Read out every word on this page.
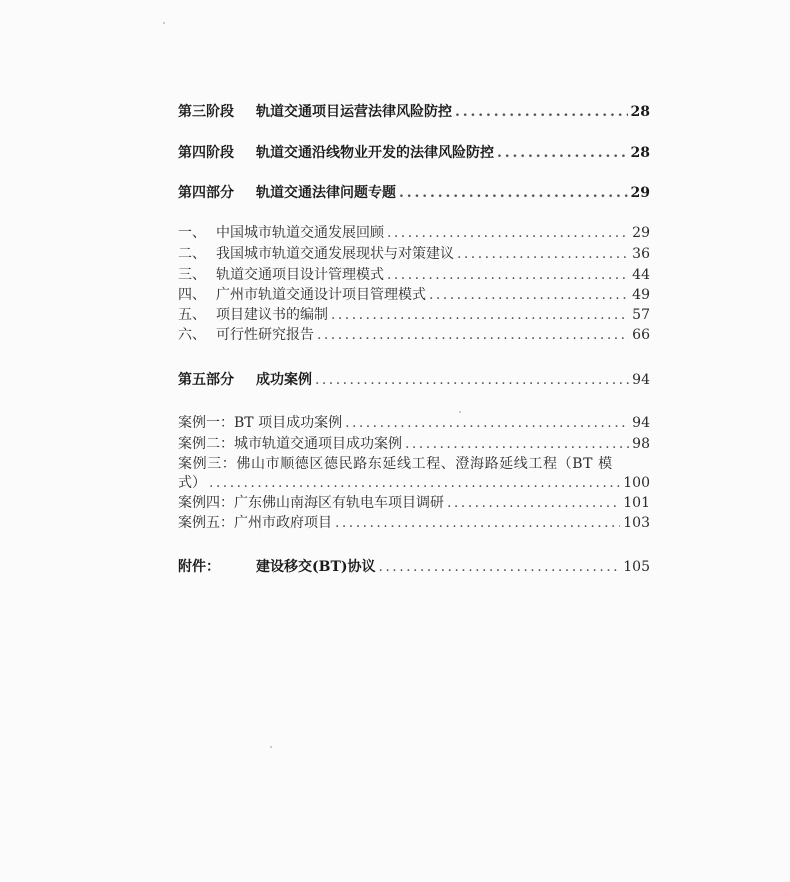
第三阶段	轨道交通项目运营法律风险防控 . . .	28
第四阶段	轨道交通沿线物业开发的法律风险防控 . . .	28
第四部分	轨道交通法律问题专题 . . .	29
一、 中国城市轨道交通发展回顾 . . .	29
二、 我国城市轨道交通发展现状与对策建议 . . .	36
三、 轨道交通项目设计管理模式 . . .	44
四、 广州市轨道交通设计项目管理模式 . . .	49
五、 项目建议书的编制 . . .	57
六、 可行性研究报告 . . .	66
第五部分	成功案例 . . .	94
案例一：BT 项目成功案例 . . .	94
案例二：城市轨道交通项目成功案例 . . .	98
案例三：佛山市顺德区德民路东延线工程、澄海路延线工程（BT 模
式） . . .	100
案例四：广东佛山南海区有轨电车项目调研 . . .	101
案例五：广州市政府项目 . . .	103
附件：	建设移交(BT)协议 . . .	105
